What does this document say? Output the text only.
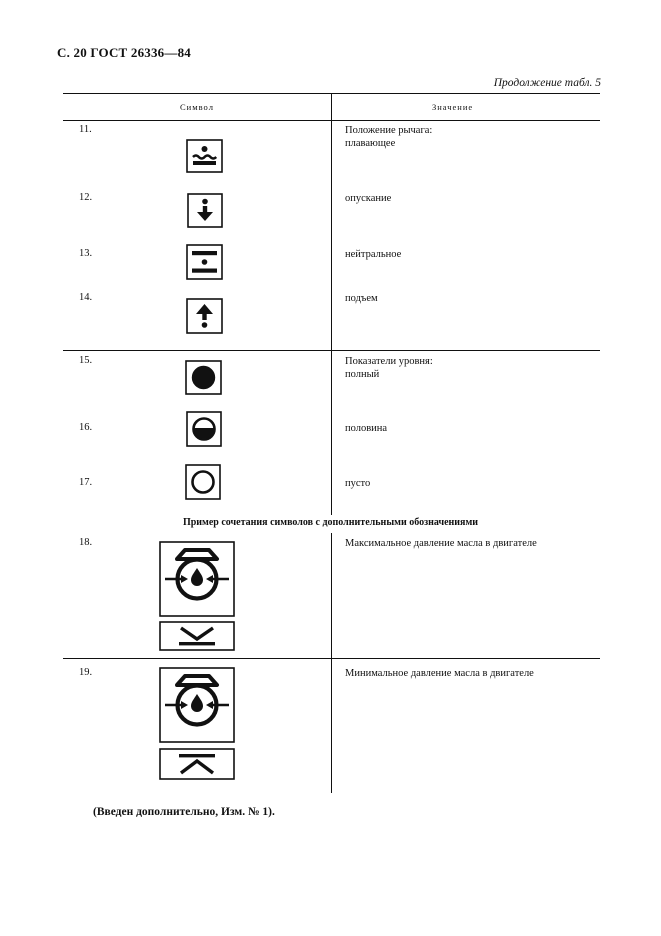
С. 20 ГОСТ 26336—84
Продолжение табл. 5
Символ	Значение
11.	Положение рычага:
плавающее
12.	опускание
13.	нейтральное
14.	подъем
15.	Показатели уровня:
полный
16.	половина
17.	пусто
Пример сочетания символов с дополнительными обозначениями
18.	Максимальное давление масла в двигателе
19.	Минимальное давление масла в двигателе
(Введен дополнительно, Изм. № 1).
